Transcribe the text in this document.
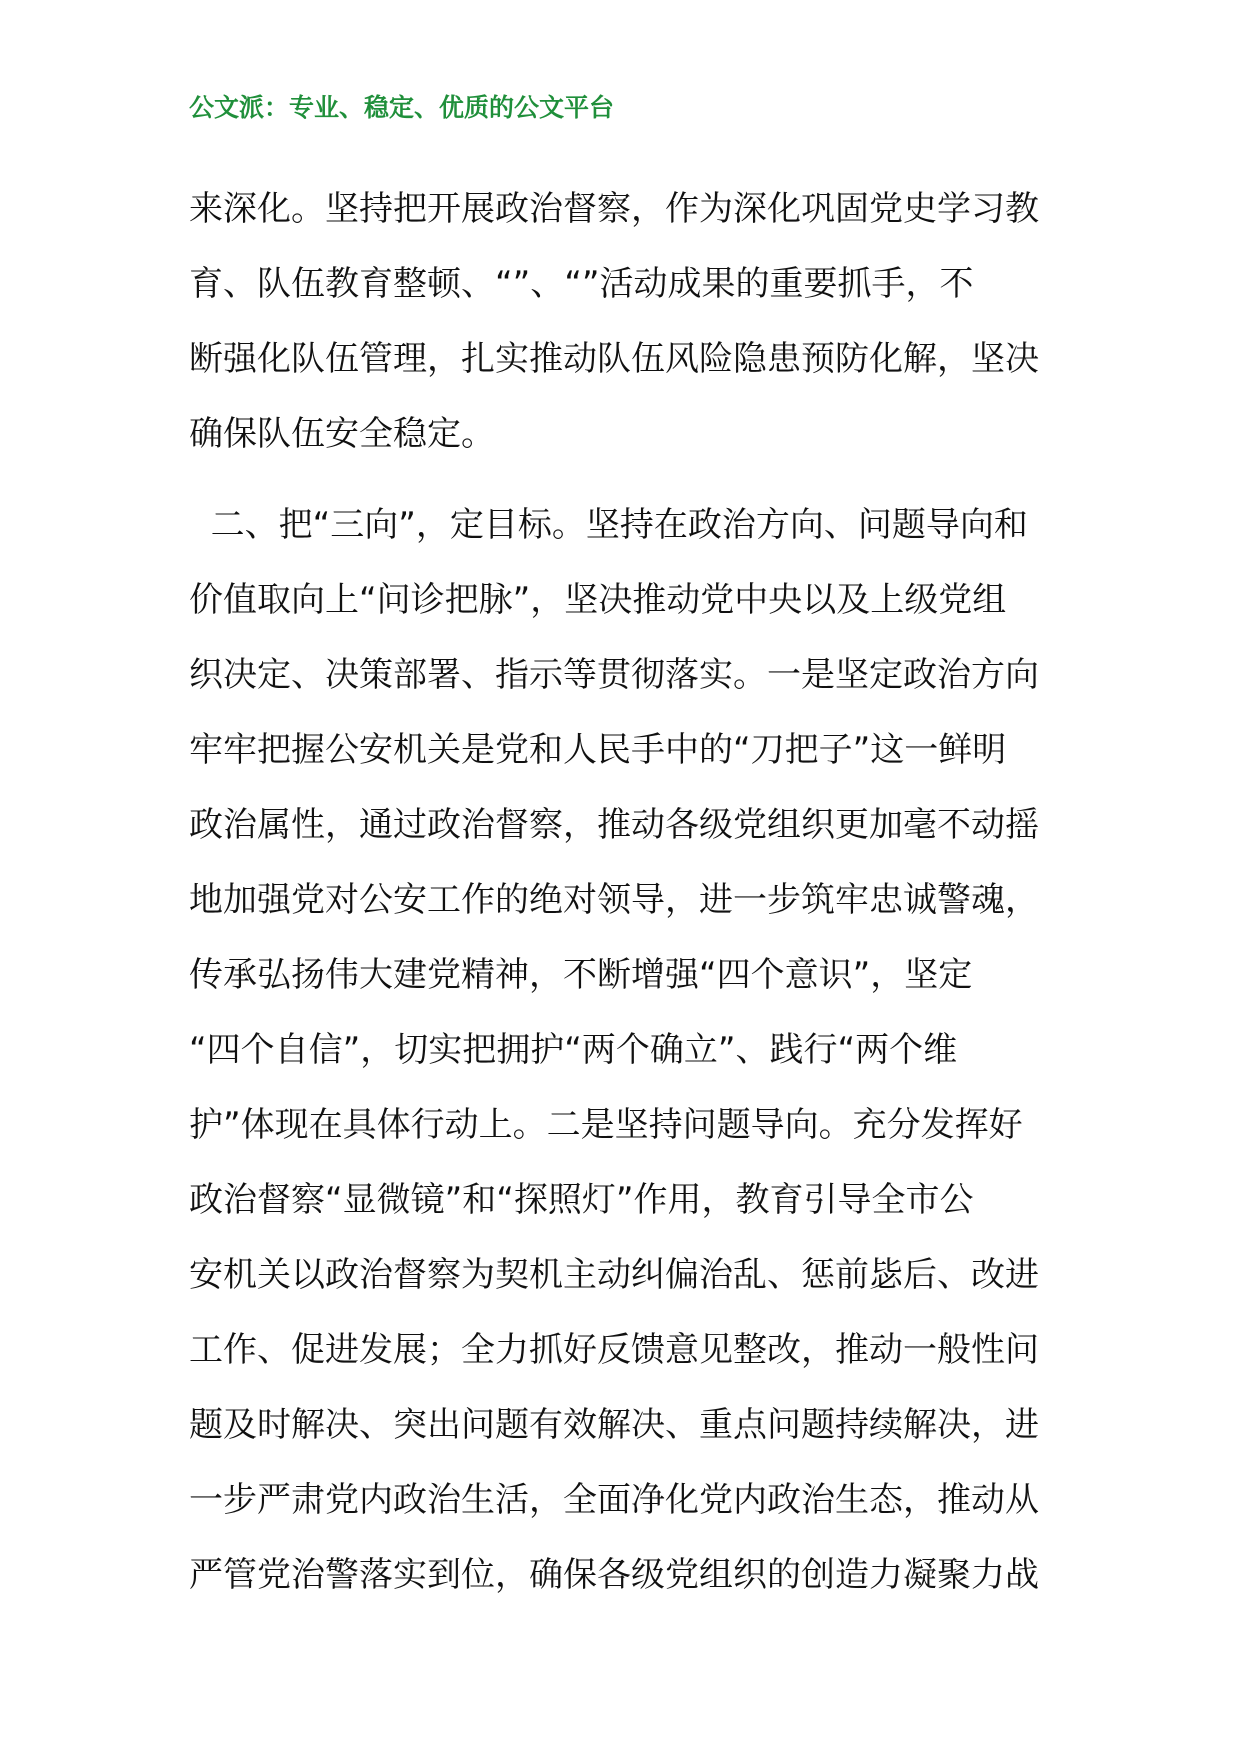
公文派：专业、稳定、优质的公文平台
来深化。坚持把开展政治督察，作为深化巩固党史学习教
育、队伍教育整顿、“”、“”活动成果的重要抓手，不
断强化队伍管理，扎实推动队伍风险隐患预防化解，坚决
确保队伍安全稳定。
二、把“三向”，定目标。坚持在政治方向、问题导向和
价值取向上“问诊把脉”，坚决推动党中央以及上级党组
织决定、决策部署、指示等贯彻落实。一是坚定政治方向
牢牢把握公安机关是党和人民手中的“刀把子”这一鲜明
政治属性，通过政治督察，推动各级党组织更加毫不动摇
地加强党对公安工作的绝对领导，进一步筑牢忠诚警魂，
传承弘扬伟大建党精神，不断增强“四个意识”，坚定
“四个自信”，切实把拥护“两个确立”、践行“两个维
护”体现在具体行动上。二是坚持问题导向。充分发挥好
政治督察“显微镜”和“探照灯”作用，教育引导全市公
安机关以政治督察为契机主动纠偏治乱、惩前毖后、改进
工作、促进发展；全力抓好反馈意见整改，推动一般性问
题及时解决、突出问题有效解决、重点问题持续解决，进
一步严肃党内政治生活，全面净化党内政治生态，推动从
严管党治警落实到位，确保各级党组织的创造力凝聚力战
